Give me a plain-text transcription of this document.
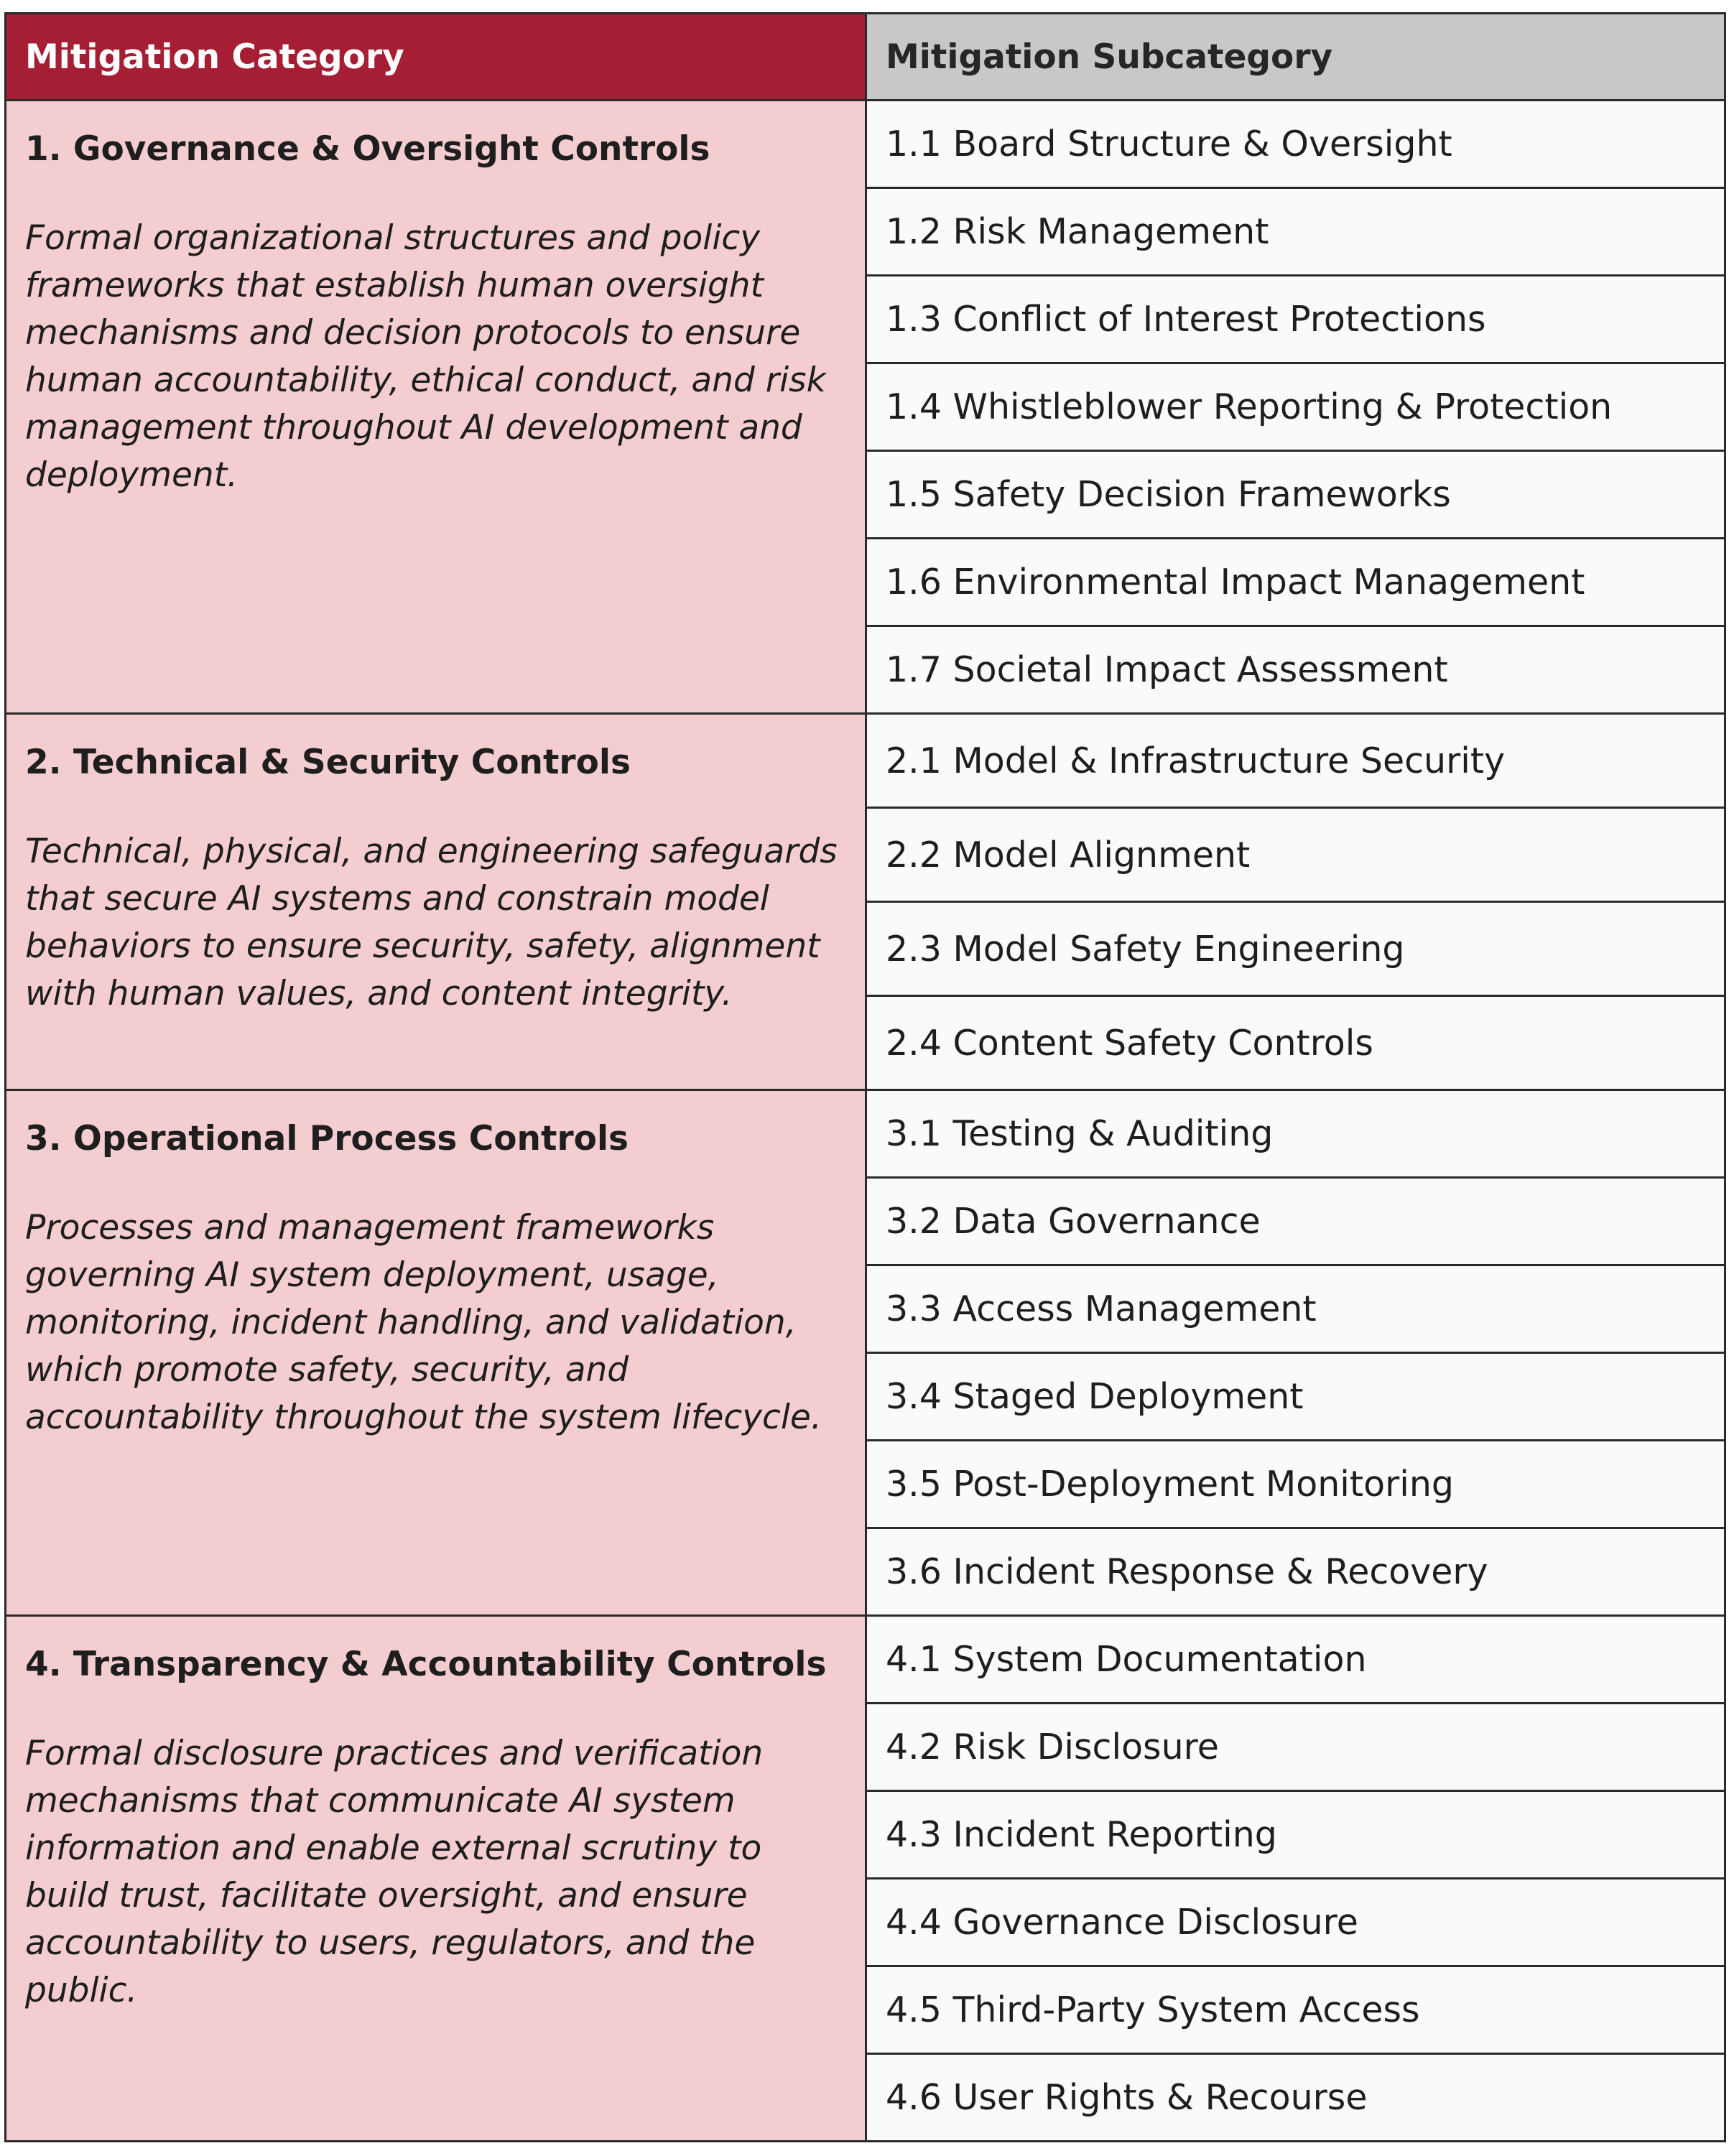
Mitigation Category	Mitigation Subcategory

1. Governance & Oversight Controls
Formal organizational structures and policy frameworks that establish human oversight mechanisms and decision protocols to ensure human accountability, ethical conduct, and risk management throughout AI development and deployment.	1.1 Board Structure & Oversight
	1.2 Risk Management
	1.3 Conflict of Interest Protections
	1.4 Whistleblower Reporting & Protection
	1.5 Safety Decision Frameworks
	1.6 Environmental Impact Management
	1.7 Societal Impact Assessment

2. Technical & Security Controls
Technical, physical, and engineering safeguards that secure AI systems and constrain model behaviors to ensure security, safety, alignment with human values, and content integrity.	2.1 Model & Infrastructure Security
	2.2 Model Alignment
	2.3 Model Safety Engineering
	2.4 Content Safety Controls

3. Operational Process Controls
Processes and management frameworks governing AI system deployment, usage, monitoring, incident handling, and validation, which promote safety, security, and accountability throughout the system lifecycle.	3.1 Testing & Auditing
	3.2 Data Governance
	3.3 Access Management
	3.4 Staged Deployment
	3.5 Post-Deployment Monitoring
	3.6 Incident Response & Recovery

4. Transparency & Accountability Controls
Formal disclosure practices and verification mechanisms that communicate AI system information and enable external scrutiny to build trust, facilitate oversight, and ensure accountability to users, regulators, and the public.	4.1 System Documentation
	4.2 Risk Disclosure
	4.3 Incident Reporting
	4.4 Governance Disclosure
	4.5 Third-Party System Access
	4.6 User Rights & Recourse
